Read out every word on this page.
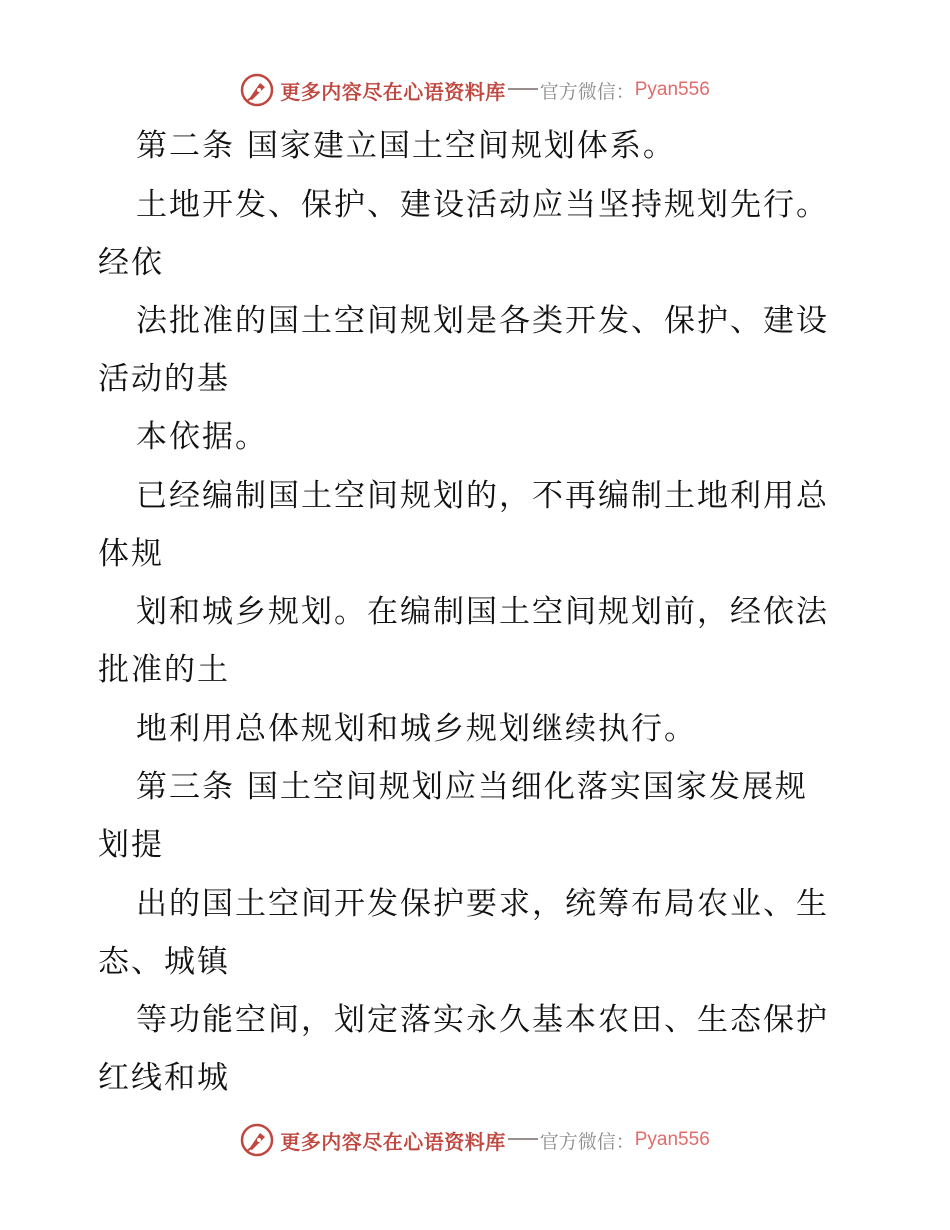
更多内容尽在心语资料库 官方微信： Pyan556
第二条 国家建立国土空间规划体系。
土地开发、保护、建设活动应当坚持规划先行。
经依
法批准的国土空间规划是各类开发、保护、建设
活动的基
本依据。
已经编制国土空间规划的，不再编制土地利用总
体规
划和城乡规划。在编制国土空间规划前，经依法
批准的土
地利用总体规划和城乡规划继续执行。
第三条 国土空间规划应当细化落实国家发展规
划提
出的国土空间开发保护要求，统筹布局农业、生
态、城镇
等功能空间，划定落实永久基本农田、生态保护
红线和城
更多内容尽在心语资料库 官方微信： Pyan556
